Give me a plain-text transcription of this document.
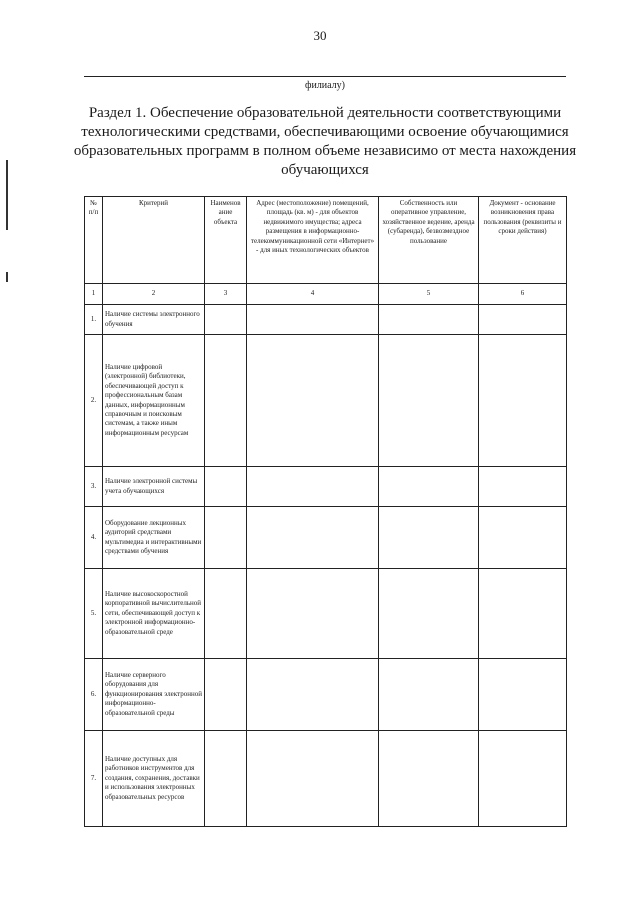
30
филиалу)
Раздел 1. Обеспечение образовательной деятельности соответствующими технологическими средствами, обеспечивающими освоение обучающимися образовательных программ в полном объеме независимо от места нахождения обучающихся
№ п/п	Критерий	Наименов ание объекта	Адрес (местоположение) помещений, площадь (кв. м) - для объектов недвижимого имущества; адреса размещения в информационно-телекоммуникационной сети «Интернет» - для иных технологических объектов	Собственность или оперативное управление, хозяйственное ведение, аренда (субаренда), безвозмездное пользование	Документ - основание возникновения права пользования (реквизиты и сроки действия)
1	2	3	4	5	6
1.	Наличие системы электронного обучения				
2.	Наличие цифровой (электронной) библиотеки, обеспечивающей доступ к профессиональным базам данных, информационным справочным и поисковым системам, а также иным информационным ресурсам				
3.	Наличие электронной системы учета обучающихся				
4.	Оборудование лекционных аудиторий средствами мультимедиа и интерактивными средствами обучения				
5.	Наличие высокоскоростной корпоративной вычислительной сети, обеспечивающей доступ к электронной информационно-образовательной среде				
6.	Наличие серверного оборудования для функционирования электронной информационно-образовательной среды				
7.	Наличие доступных для работников инструментов для создания, сохранения, доставки и использования электронных образовательных ресурсов				
